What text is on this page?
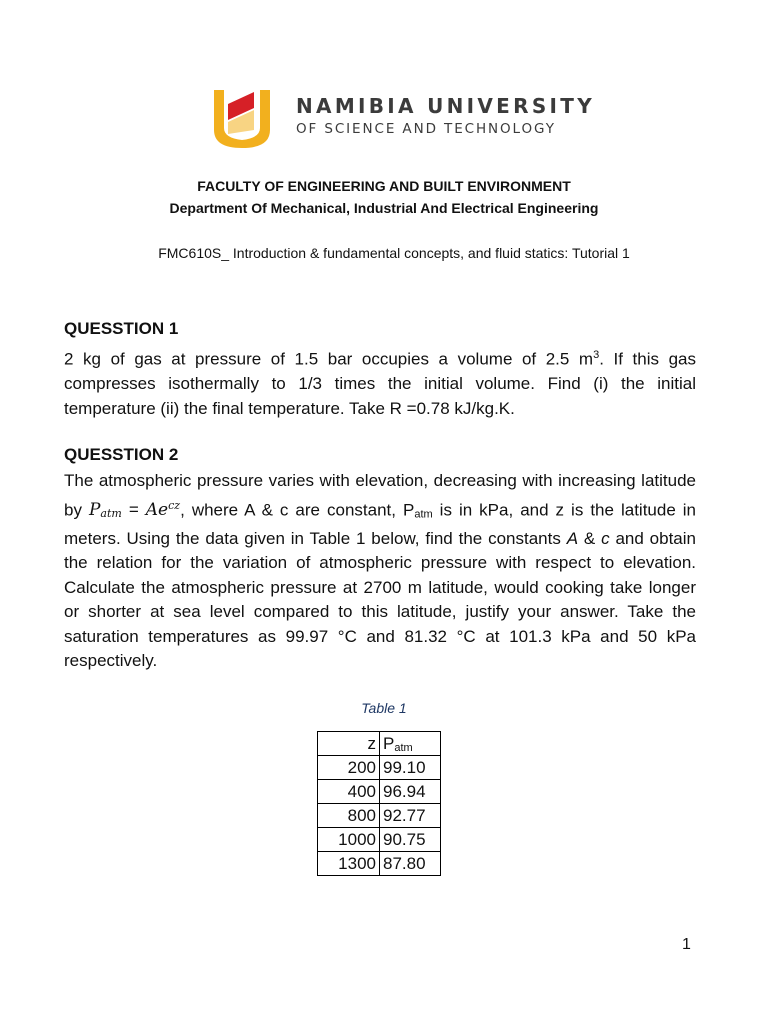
NAMIBIA UNIVERSITY
OF SCIENCE AND TECHNOLOGY
FACULTY OF ENGINEERING AND BUILT ENVIRONMENT
Department Of Mechanical, Industrial And Electrical Engineering
FMC610S_ Introduction & fundamental concepts, and fluid statics: Tutorial 1
QUESSTION 1
2 kg of gas at pressure of 1.5 bar occupies a volume of 2.5 $m^3$. If this gas compresses isothermally to 1/3 times the initial volume. Find (i) the initial temperature (ii) the final temperature. Take R =0.78 kJ/kg.K.
QUESSTION 2
The atmospheric pressure varies with elevation, decreasing with increasing latitude by Patm = $Ae^{cz}$, where A & c are constant, Patm is in kPa, and z is the latitude in meters. Using the data given in Table 1 below, find the constants A & c and obtain the relation for the variation of atmospheric pressure with respect to elevation. Calculate the atmospheric pressure at 2700 m latitude, would cooking take longer or shorter at sea level compared to this latitude, justify your answer. Take the saturation temperatures as 99.97 °C and 81.32 °C at 101.3 kPa and 50 kPa respectively.
Table 1
z	Patm
200	99.10
400	96.94
800	92.77
1000	90.75
1300	87.80
1
